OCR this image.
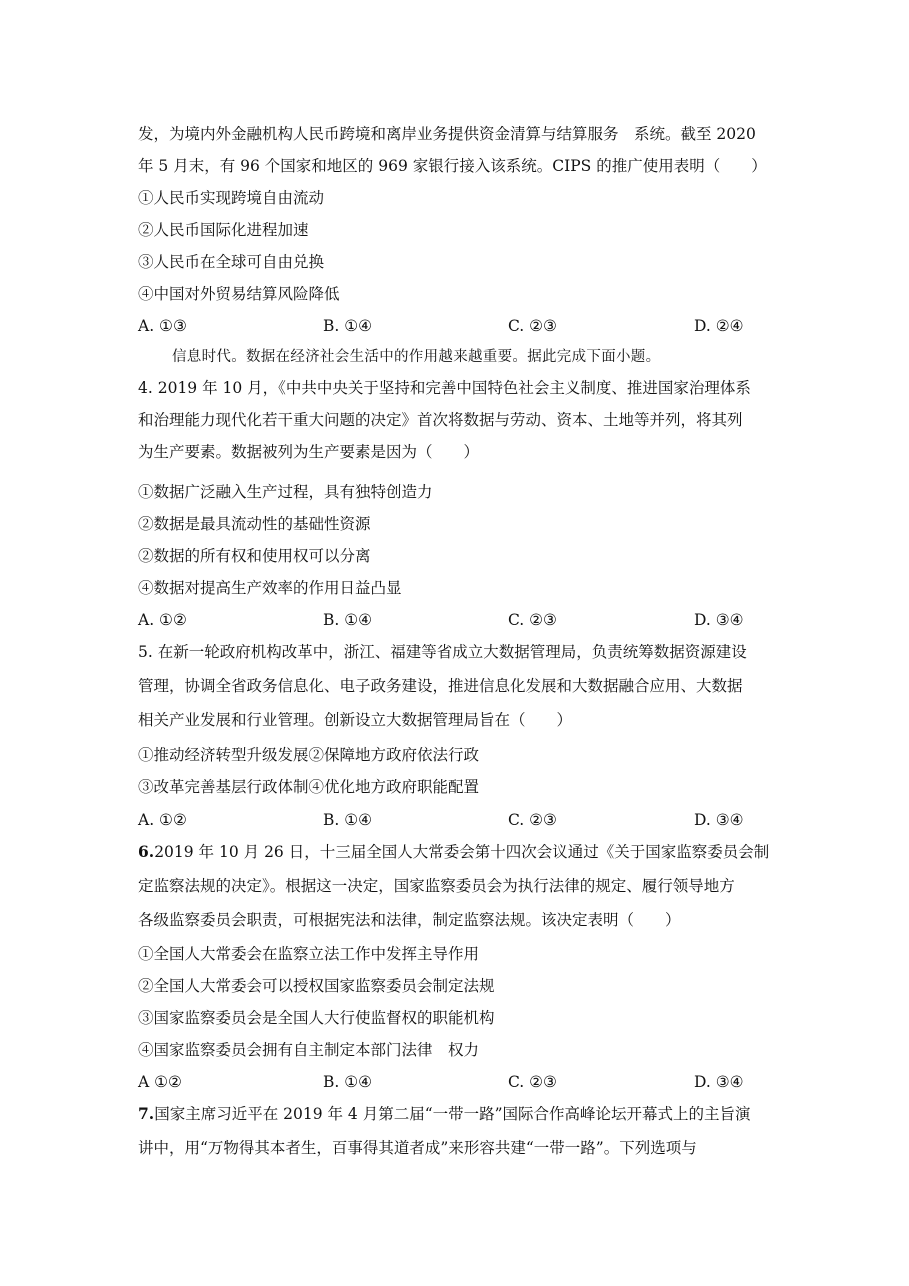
发，为境内外金融机构人民币跨境和离岸业务提供资金清算与结算服务　系统。截至 2020
年 5 月末，有 96 个国家和地区的 969 家银行接入该系统。CIPS 的推广使用表明（　　）
①人民币实现跨境自由流动
②人民币国际化进程加速
③人民币在全球可自由兑换
④中国对外贸易结算风险降低
A. ①③	B. ①④	C. ②③	D. ②④
信息时代。数据在经济社会生活中的作用越来越重要。据此完成下面小题。
4. 2019 年 10 月，《中共中央关于坚持和完善中国特色社会主义制度、推进国家治理体系
和治理能力现代化若干重大问题的决定》首次将数据与劳动、资本、土地等并列，将其列
为生产要素。数据被列为生产要素是因为（　　）
①数据广泛融入生产过程，具有独特创造力
②数据是最具流动性的基础性资源
②数据的所有权和使用权可以分离
④数据对提高生产效率的作用日益凸显
A. ①②	B. ①④	C. ②③	D. ③④
5. 在新一轮政府机构改革中，浙江、福建等省成立大数据管理局，负责统筹数据资源建设
管理，协调全省政务信息化、电子政务建设，推进信息化发展和大数据融合应用、大数据
相关产业发展和行业管理。创新设立大数据管理局旨在（　　）
①推动经济转型升级发展②保障地方政府依法行政
③改革完善基层行政体制④优化地方政府职能配置
A. ①②	B. ①④	C. ②③	D. ③④
6.2019 年 10 月 26 日，十三届全国人大常委会第十四次会议通过《关于国家监察委员会制
定监察法规的决定》。根据这一决定，国家监察委员会为执行法律的规定、履行领导地方
各级监察委员会职责，可根据宪法和法律，制定监察法规。该决定表明（　　）
①全国人大常委会在监察立法工作中发挥主导作用
②全国人大常委会可以授权国家监察委员会制定法规
③国家监察委员会是全国人大行使监督权的职能机构
④国家监察委员会拥有自主制定本部门法律　权力
A ①②	B. ①④	C. ②③	D. ③④
7.国家主席习近平在 2019 年 4 月第二届“一带一路”国际合作高峰论坛开幕式上的主旨演
讲中，用“万物得其本者生，百事得其道者成”来形容共建“一带一路”。下列选项与
